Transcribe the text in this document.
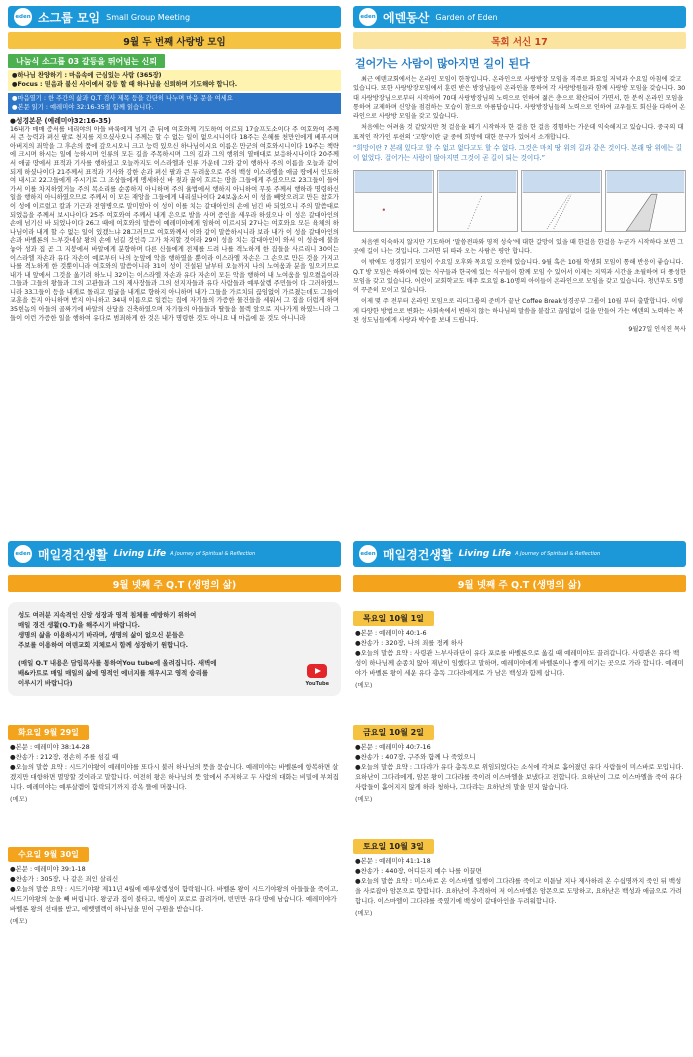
eden 소그룹 모임 Small Group Meeting
9월 두 번째 사랑방 모임
나눔식 소그룹 03 갈등을 뛰어넘는 신뢰
●하나님 찬양하기 : 마음속에 근심있는 사람 (365장)
●Focus : 믿음과 불신 사이에서 갈등 할 때 하나님을 신뢰하며 기도해야 합니다.
●마음열기 : 한 주간의 삶과 Q.T 검사 제목 등을 간단히 나누며 마음 문을 여세요
●본문 읽기 : 예레미야 32:16-35절 함께 읽습니다.
●성경본문 (예레미야32:16-35)
16내가 매매 증서를 네리야의 아들 바룩에게 넘겨 준 뒤에 여호와께 기도하여 이르되 17슬프도소이다 주 여호와여 주께서 큰 능력과 펴신 팔로 천지를 지으셨사오니 주께는 할 수 없는 일이 없으시니이다 18주는 은혜를 천만인에게 베푸시며 아버지의 죄악을 그 후손의 품에 갚으시오니 크고 능력 있으신 하나님이시요 이름은 만군의 여호와시니이다 19주는 책략에 크시며 하시는 일에 능하시며 인류의 모든 길을 주목하시며 그의 길과 그의 행위의 열매대로 보응하시나이다 20주께서 애굽 땅에서 표적과 기사를 행하셨고 오늘까지도 이스라엘과 인류 가운데 그와 같이 행하사 주의 이름을 오늘과 같이 되게 하셨나이다 21주께서 표적과 기사와 강한 손과 펴신 팔과 큰 두려움으로 주의 백성 이스라엘을 애굽 땅에서 인도하여 내시고 22그들에게 주시기로 그 조상들에게 맹세하신 바 젖과 꿀이 흐르는 땅을 그들에게 주셨으므로 23그들이 들어가서 이를 차지하였거늘 주의 목소리를 순종하지 아니하며 주의 율법에서 행하지 아니하여 무릇 주께서 행하라 명령하신 일을 행하지 아니하였으므로 주께서 이 모든 재앙을 그들에게 내리셨나이다 24보옵소서 이 성을 빼앗으려고 만든 참호가 이 성에 이르렀고 칼과 기근과 전염병으로 말미암아 이 성이 이를 치는 갈대아인의 손에 넘긴 바 되었으니 주의 말씀대로 되었음을 주께서 보시나이다 25주 여호와여 주께서 내게 은으로 밭을 사며 증인을 세우라 하셨으나 이 성은 갈대아인의 손에 넘기신 바 되었나이다 26그 때에 여호와의 말씀이 예레미야에게 임하여 이르시되 27나는 여호와요 모든 육체의 하나님이라 내게 할 수 없는 일이 있겠느냐 28그러므로 여호와께서 이와 같이 말씀하시니라 보라 내가 이 성을 갈대아인의 손과 바벨론의 느부갓네살 왕의 손에 넘길 것인즉 그가 차지할 것이라 29이 성을 치는 갈대아인이 와서 이 성읍에 불을 놓아 성과 집 곧 그 지붕에서 바알에게 분향하며 다른 신들에게 전제를 드려 나를 격노하게 한 집들을 사르리니 30이는 이스라엘 자손과 유다 자손이 예로부터 나의 눈앞에 악을 행하였을 뿐이라 이스라엘 자손은 그 손으로 만든 것을 가지고 나를 격노하게 한 것뿐이니라 여호와의 말씀이니라 31이 성이 건설된 날부터 오늘까지 나의 노여움과 분을 일으키므로 내가 내 앞에서 그것을 옮기려 하노니 32이는 이스라엘 자손과 유다 자손이 모든 악을 행하여 내 노여움을 일으켰음이라 그들과 그들의 왕들과 그의 고관들과 그의 제사장들과 그의 선지자들과 유다 사람들과 예루살렘 주민들이 다 그러하였느니라 33그들이 등을 내게로 돌리고 얼굴을 내게로 향하지 아니하며 내가 그들을 가르치되 끊임없이 가르쳤는데도 그들이 교훈을 듣지 아니하며 받지 아니하고 34내 이름으로 일컫는 집에 자기들의 가증한 물건들을 세워서 그 집을 더럽게 하며 35힌놈의 아들의 골짜기에 바알의 산당을 건축하였으며 자기들의 아들들과 딸들을 몰렉 앞으로 지나가게 하였느니라 그들이 이런 가증한 일을 행하여 유다로 범죄하게 한 것은 내가 명령한 것도 아니요 내 마음에 둔 것도 아니니라
eden 에덴동산 Garden of Eden
목회 서신 17
걸어가는 사람이 많아지면 길이 된다
최근 에덴교회에서는 온라인 모임이 한창입니다. 온라인으로 사랑방장 모임을 격주로 화요일 저녁과 수요일 아침에 갖고 있습니다. 또한 사랑방장모임에서 훈련 받은 방장님들이 온라인을 통하여 각 사랑방원들과 함께 사랑방 모임을 갖습니다. 30대 사랑방장님으로부터 시작하여 70대 사랑방장님의 노력으로 인하여 젊은 층으로 확산되어 가면서, 한 분씩 온라인 모임을 통하여 교제하며 신앙을 점검하는 모습이 참으로 아름답습니다. 사랑방장님들의 노력으로 인하여 교우들도 회신을 다하여 온라인으로 사랑방 모임을 갖고 있습니다.
처음에는 어려움 것 같았지만 첫 걸음을 떼기 시작하자 한 걸음 한 걸음 경험하는 가운데 익숙해지고 있습니다. 중국의 대표적인 작가인 루쉰의 ‘고향’이란 글 중에 희망에 대한 문구가 있어서 소개합니다.
“희망이란 ? 본래 있다고 할 수 없고 없다고도 할 수 없다. 그것은 마치 땅 위의 길과 같은 것이다. 본래 땅 위에는 길이 없었다. 걸어가는 사람이 많아지면 그것이 곧 길이 되는 것이다.”
처음엔 익숙하지 않지만 기도하며 ‘말씀전파와 영적 성숙’에 대한 갈망이 있을 때 한걸음 한걸음 누군가 시작하다 보면 그 곳에 길이 나는 것입니다. 그러면 뒤 따라 오는 사람은 평안 합니다.
이 밖에도 성경읽기 모임이 수요일 오후와 목요일 오전에 있습니다. 9월 혹은 10월 학생회 모임이 통해 반응이 좋습니다. Q.T 방 모임은 하와이에 있는 식구들과 한국에 있는 식구들이 함께 모임 수 있어서 이제는 지역과 시간을 초월하여 더 풍성한 모임을 갖고 있습니다. 어린이 교회학교도 매주 토요일 8-10명의 아이들이 온라인으로 모임을 갖고 있습니다. 청년부도 5명이 꾸준히 모이고 있습니다.
이제 몇 주 전부터 온라인 모임으로 리더그룹의 준비가 끝난 Coffee Break성경공부 그룹이 10월 부터 출발합니다. 이렇게 다양한 방법으로 변화는 사회속에서 변하지 않는 하나님의 말씀을 붙잡고 끊임없이 길을 만들어 가는 에덴의 노력하는 복된 성도님들에게 사랑과 박수를 보내 드립니다.
9월27일 인석진 목사
eden 매일경건생활 Living Life A Journey of Spiritual & Reflection
9월 넷째 주 Q.T (생명의 삶)
성도 여러분 지속적인 신앙 성장과 영적 침체를 예방하기 위하여
매일 경건 생활(Q.T)을 해주시기 바랍니다.
생명의 삶을 이용하시기 바라며, 생명의 삶이 없으신 분들은
주보를 이용하여 여덴교회 지체로서 함께 성장하기 원합니다.
(매일 Q.T 내용은 담임목사를 통하여You tube에 올려집니다. 새벽에
배&카트로 매일 매일의 삶에 영적인 에너지를 채우시고 영적 승리를
이루시기 바랍니다)	YouTube
화요일 9월 29일
●본문 : 예레미야 38:14-28
●찬송가 : 212장, 겸손히 주를 섬길 때
●오늘의 말씀 요약 : 시드기야왕이 예레미야를 또다시 불러 하나님의 뜻을 묻습니다. 예레미야는 바벨론에 항복하면 살겠지만 대항하면 멸망할 것이라고 말합니다. 여전히 왕은 하나님의 뜻 앞에서 주저하고 두 사람의 대화는 비밀에 부쳐집니다. 예레미야는 예루살렘이 함락되기까지 감옥 뜰에 머뭅니다.
(메모)
수요일 9월 30일
●본문 : 예레미야 39:1-18
●찬송가 : 305장, 나 같은 죄인 살리신
●오늘의 말씀 요약 : 시드기야왕 제11년 4월에 예루살렘성이 함락됩니다. 바벨론 왕이 시드기야왕의 아들들을 죽이고, 시드기야왕의 눈을 빼 버립니다. 왕궁과 집이 불타고, 백성이 포로로 끌려가며, 빈민만 유다 땅에 남습니다. 예레미야가 바벨론 왕의 선대를 받고, 에벳멜렉이 하나님을 믿어 구원을 받습니다.
(메모)
eden 매일경건생활 Living Life A Journey of Spiritual & Reflection
9월 넷째 주 Q.T (생명의 삶)
목요일 10월 1일
●본문 : 예레미야 40:1-6
●찬송가 : 320장, 나의 죄를 정케 하사
●오늘의 말씀 요약 : 사령관 느부사라단이 유다 포로를 바벨론으로 옮길 때 예레미야도 끌려갑니다. 사령관은 유다 백성이 하나님께 순종치 않아 재난이 임했다고 말하며, 예레미야에게 바벨론이나 좋게 여기는 곳으로 가라 합니다. 예레미야가 바벨론 왕이 세운 유다 총독 그다랴에게로 가 남은 백성과 함께 삽니다.
(메모)
금요일 10월 2일
●본문 : 예레미야 40:7-16
●찬송가 : 407장, 구주와 함께 나 죽었으니
●오늘의 말씀 요약 : 그다랴가 유다 총독으로 위임되었다는 소식에 각처로 흩어졌던 유다 사람들이 미스바로 모입니다. 요하난이 그다랴에게, 암몬 왕이 그다랴를 죽이려 이스마엘을 보냈다고 전합니다. 요하난이 그로 이스마엘을 죽여 유다 사람들이 흩어지지 않게 하라 청하나, 그다랴는 요하난의 말을 믿지 않습니다.
(메모)
토요일 10월 3일
●본문 : 예레미야 41:1-18
●찬송가 : 440장, 어디든지 예수 나를 이끌면
●오늘의 말씀 요약 : 미스바로 온 이스마엘 일행이 그다랴를 죽이고 이튿날 지나 제사하려 온 수십명까지 죽인 뒤 백성을 사로잡아 암몬으로 향합니다. 요하난이 추격하여 저 이스마엘은 암몬으로 도망하고, 요하난은 백성과 애굽으로 가려 합니다. 이스마엘이 그다랴를 죽였기에 백성이 갈대아인을 두려워합니다.
(메모)
